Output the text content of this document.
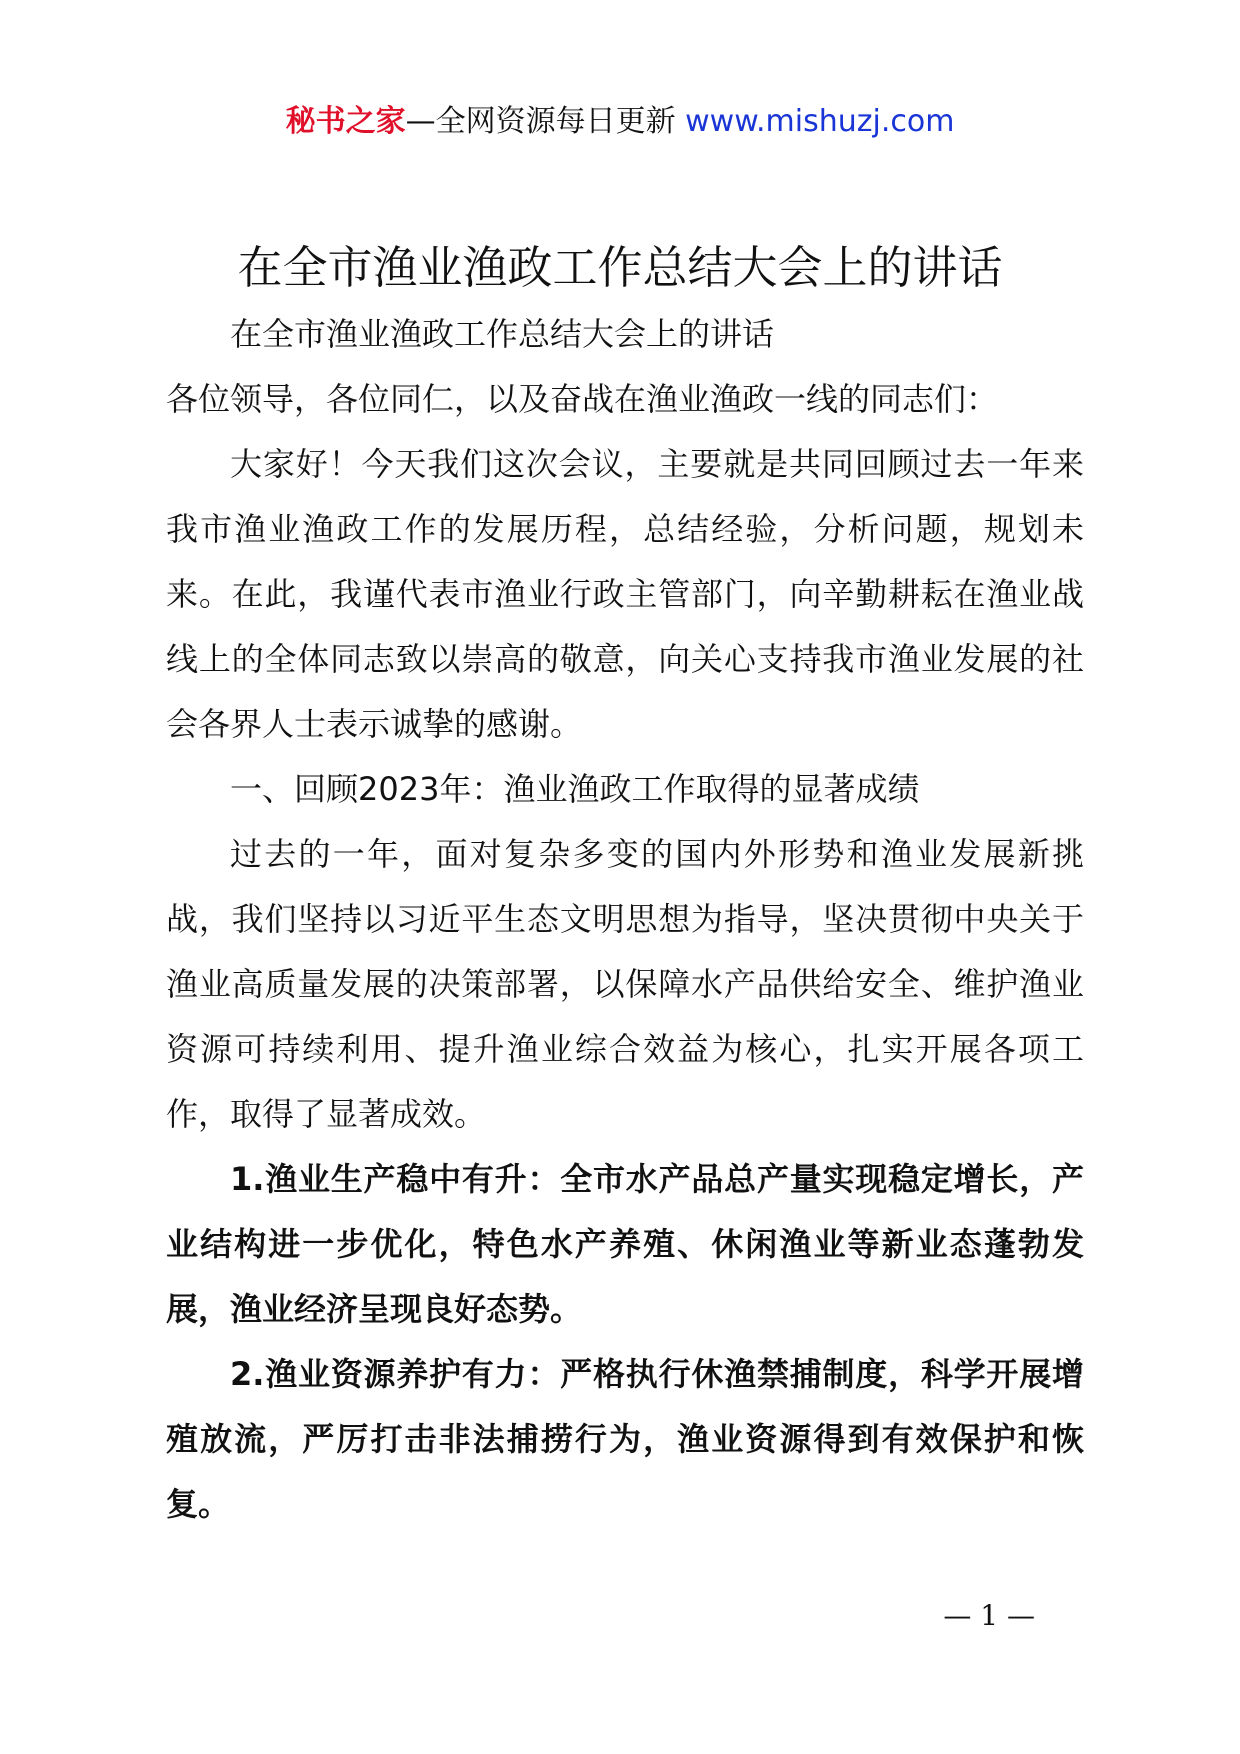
秘书之家—全网资源每日更新 www.mishuzj.com
在全市渔业渔政工作总结大会上的讲话

在全市渔业渔政工作总结大会上的讲话

各位领导，各位同仁，以及奋战在渔业渔政一线的同志们：

大家好！今天我们这次会议，主要就是共同回顾过去一年来我市渔业渔政工作的发展历程，总结经验，分析问题，规划未来。在此，我谨代表市渔业行政主管部门，向辛勤耕耘在渔业战线上的全体同志致以崇高的敬意，向关心支持我市渔业发展的社会各界人士表示诚挚的感谢。

一、回顾2023年：渔业渔政工作取得的显著成绩

过去的一年，面对复杂多变的国内外形势和渔业发展新挑战，我们坚持以习近平生态文明思想为指导，坚决贯彻中央关于渔业高质量发展的决策部署，以保障水产品供给安全、维护渔业资源可持续利用、提升渔业综合效益为核心，扎实开展各项工作，取得了显著成效。

1.渔业生产稳中有升：全市水产品总产量实现稳定增长，产业结构进一步优化，特色水产养殖、休闲渔业等新业态蓬勃发展，渔业经济呈现良好态势。

2.渔业资源养护有力：严格执行休渔禁捕制度，科学开展增殖放流，严厉打击非法捕捞行为，渔业资源得到有效保护和恢复。

— 1 —
